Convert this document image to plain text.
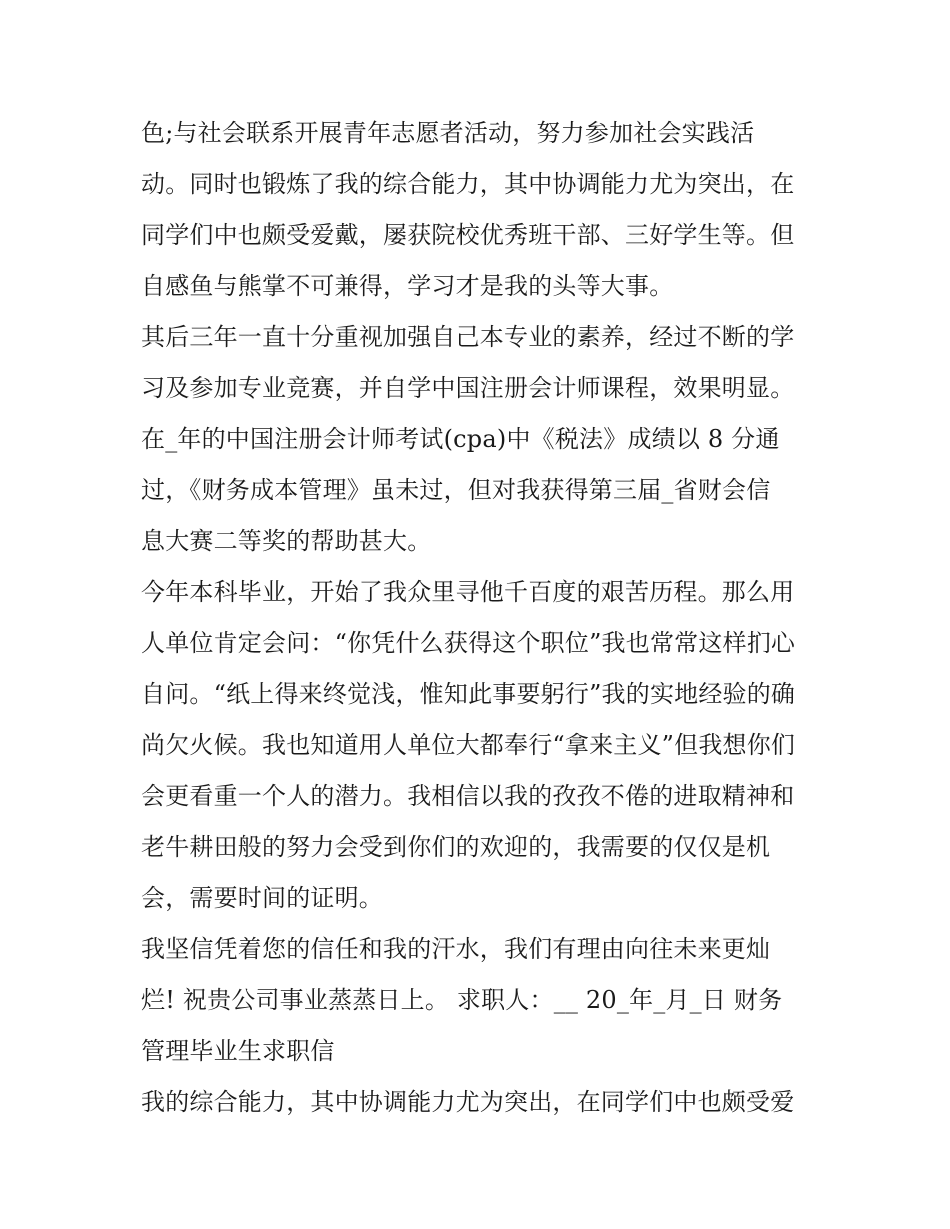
色;与社会联系开展青年志愿者活动，努力参加社会实践活
动。同时也锻炼了我的综合能力，其中协调能力尤为突出，在
同学们中也颇受爱戴，屡获院校优秀班干部、三好学生等。但
自感鱼与熊掌不可兼得，学习才是我的头等大事。
其后三年一直十分重视加强自己本专业的素养，经过不断的学
习及参加专业竞赛，并自学中国注册会计师课程，效果明显。
在_年的中国注册会计师考试(cpa)中《税法》成绩以 8 分通
过，《财务成本管理》虽未过，但对我获得第三届_省财会信
息大赛二等奖的帮助甚大。
今年本科毕业，开始了我众里寻他千百度的艰苦历程。那么用
人单位肯定会问：“你凭什么获得这个职位”我也常常这样扪心
自问。“纸上得来终觉浅，惟知此事要躬行”我的实地经验的确
尚欠火候。我也知道用人单位大都奉行“拿来主义”但我想你们
会更看重一个人的潜力。我相信以我的孜孜不倦的进取精神和
老牛耕田般的努力会受到你们的欢迎的，我需要的仅仅是机
会，需要时间的证明。
我坚信凭着您的信任和我的汗水，我们有理由向往未来更灿
烂! 祝贵公司事业蒸蒸日上。 求职人：__ 20_年_月_日 财务
管理毕业生求职信
我的综合能力，其中协调能力尤为突出，在同学们中也颇受爱
